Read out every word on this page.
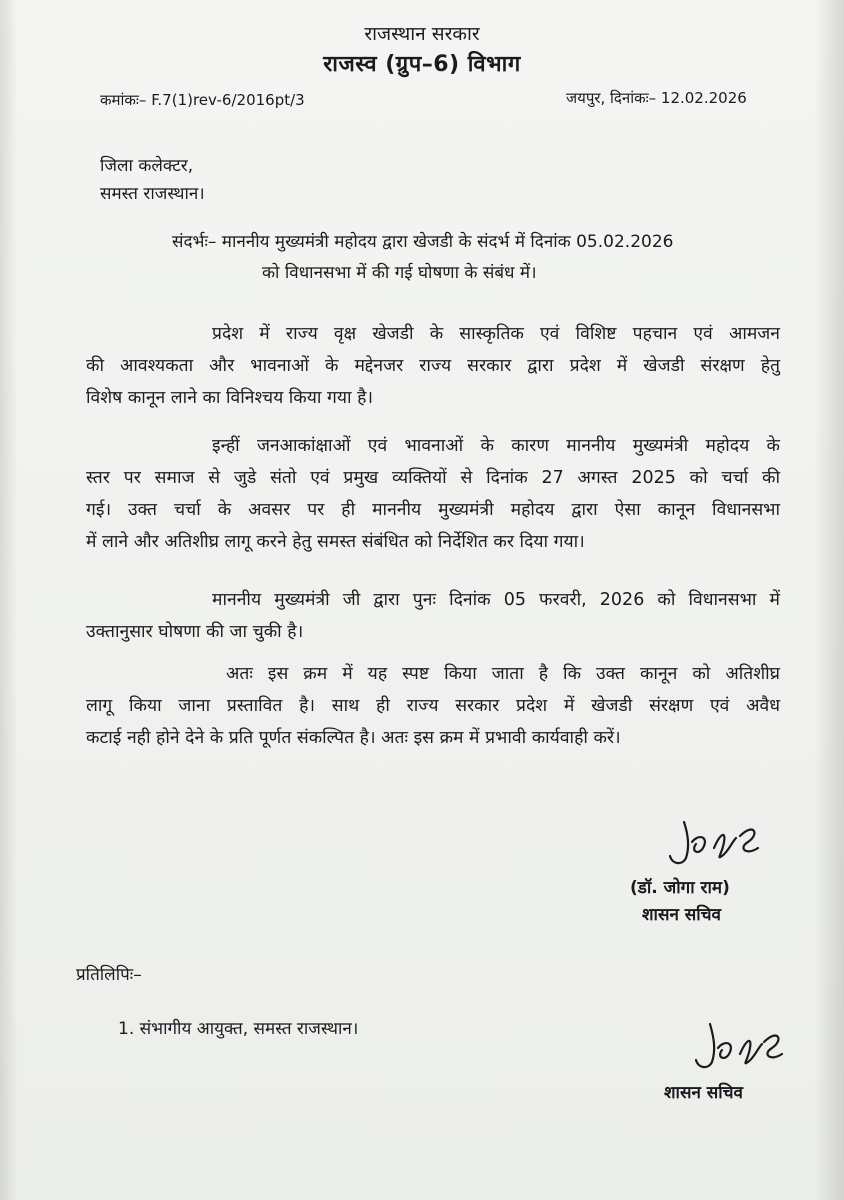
राजस्थान सरकार
राजस्व (ग्रुप–6) विभाग
कमांकः– F.7(1)rev-6/2016pt/3	जयपुर, दिनांकः– 12.02.2026
जिला कलेक्टर,
समस्त राजस्थान।
संदर्भः– माननीय मुख्यमंत्री महोदय द्वारा खेजडी के संदर्भ में दिनांक 05.02.2026
को विधानसभा में की गई घोषणा के संबंध में।
प्रदेश में राज्य वृक्ष खेजडी के सास्कृतिक एवं विशिष्ट पहचान एवं आमजन
की आवश्यकता और भावनाओं के मद्देनजर राज्य सरकार द्वारा प्रदेश में खेजडी संरक्षण हेतु
विशेष कानून लाने का विनिश्चय किया गया है।
इन्हीं जनआकांक्षाओं एवं भावनाओं के कारण माननीय मुख्यमंत्री महोदय के
स्तर पर समाज से जुडे संतो एवं प्रमुख व्यक्तियों से दिनांक 27 अगस्त 2025 को चर्चा की
गई। उक्त चर्चा के अवसर पर ही माननीय मुख्यमंत्री महोदय द्वारा ऐसा कानून विधानसभा
में लाने और अतिशीघ्र लागू करने हेतु समस्त संबंधित को निर्देशित कर दिया गया।
माननीय मुख्यमंत्री जी द्वारा पुनः दिनांक 05 फरवरी, 2026 को विधानसभा में
उक्तानुसार घोषणा की जा चुकी है।
अतः इस क्रम में यह स्पष्ट किया जाता है कि उक्त कानून को अतिशीघ्र
लागू किया जाना प्रस्तावित है। साथ ही राज्य सरकार प्रदेश में खेजडी संरक्षण एवं अवैध
कटाई नही होने देने के प्रति पूर्णत संकल्पित है। अतः इस क्रम में प्रभावी कार्यवाही करें।
(डॉ. जोगा राम)
शासन सचिव
प्रतिलिपिः–
1. संभागीय आयुक्त, समस्त राजस्थान।
शासन सचिव
